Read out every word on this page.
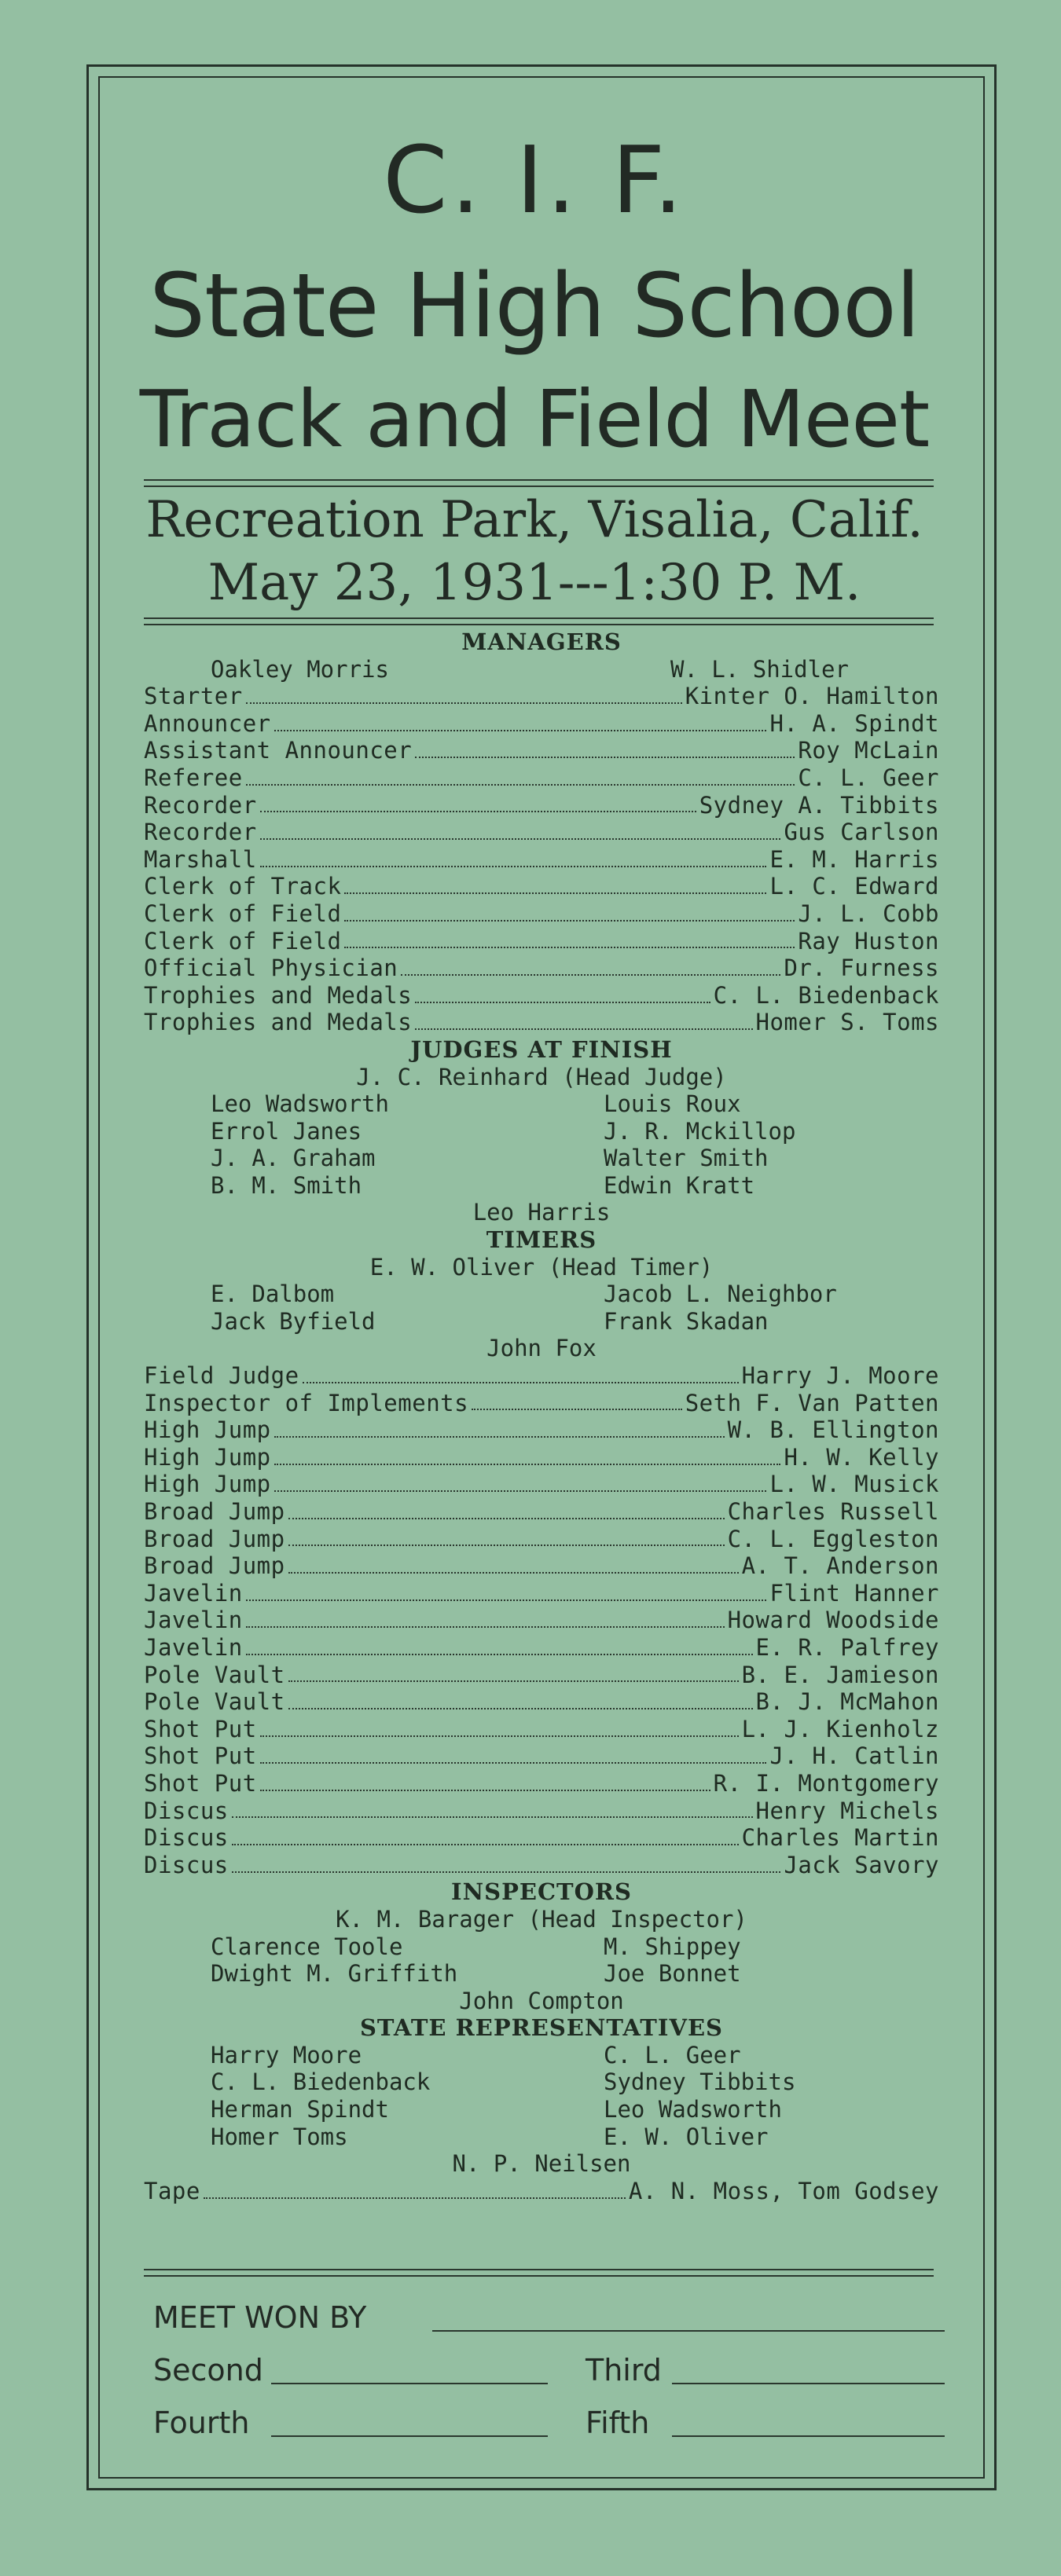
C. I. F.
State High School
Track and Field Meet
Recreation Park, Visalia, Calif.
May 23, 1931---1:30 P. M.
MANAGERS
Oakley Morris	W. L. Shidler
Starter	Kinter O. Hamilton
Announcer	H. A. Spindt
Assistant Announcer	Roy McLain
Referee	C. L. Geer
Recorder	Sydney A. Tibbits
Recorder	Gus Carlson
Marshall	E. M. Harris
Clerk of Track	L. C. Edward
Clerk of Field	J. L. Cobb
Clerk of Field	Ray Huston
Official Physician	Dr. Furness
Trophies and Medals	C. L. Biedenback
Trophies and Medals	Homer S. Toms
JUDGES AT FINISH
J. C. Reinhard (Head Judge)
Leo Wadsworth	Louis Roux
Errol Janes	J. R. Mckillop
J. A. Graham	Walter Smith
B. M. Smith	Edwin Kratt
Leo Harris
TIMERS
E. W. Oliver (Head Timer)
E. Dalbom	Jacob L. Neighbor
Jack Byfield	Frank Skadan
John Fox
Field Judge	Harry J. Moore
Inspector of Implements	Seth F. Van Patten
High Jump	W. B. Ellington
High Jump	H. W. Kelly
High Jump	L. W. Musick
Broad Jump	Charles Russell
Broad Jump	C. L. Eggleston
Broad Jump	A. T. Anderson
Javelin	Flint Hanner
Javelin	Howard Woodside
Javelin	E. R. Palfrey
Pole Vault	B. E. Jamieson
Pole Vault	B. J. McMahon
Shot Put	L. J. Kienholz
Shot Put	J. H. Catlin
Shot Put	R. I. Montgomery
Discus	Henry Michels
Discus	Charles Martin
Discus	Jack Savory
INSPECTORS
K. M. Barager (Head Inspector)
Clarence Toole	M. Shippey
Dwight M. Griffith	Joe Bonnet
John Compton
STATE REPRESENTATIVES
Harry Moore	C. L. Geer
C. L. Biedenback	Sydney Tibbits
Herman Spindt	Leo Wadsworth
Homer Toms	E. W. Oliver
N. P. Neilsen
Tape	A. N. Moss, Tom Godsey
MEET WON BY
Second	Third
Fourth	Fifth
